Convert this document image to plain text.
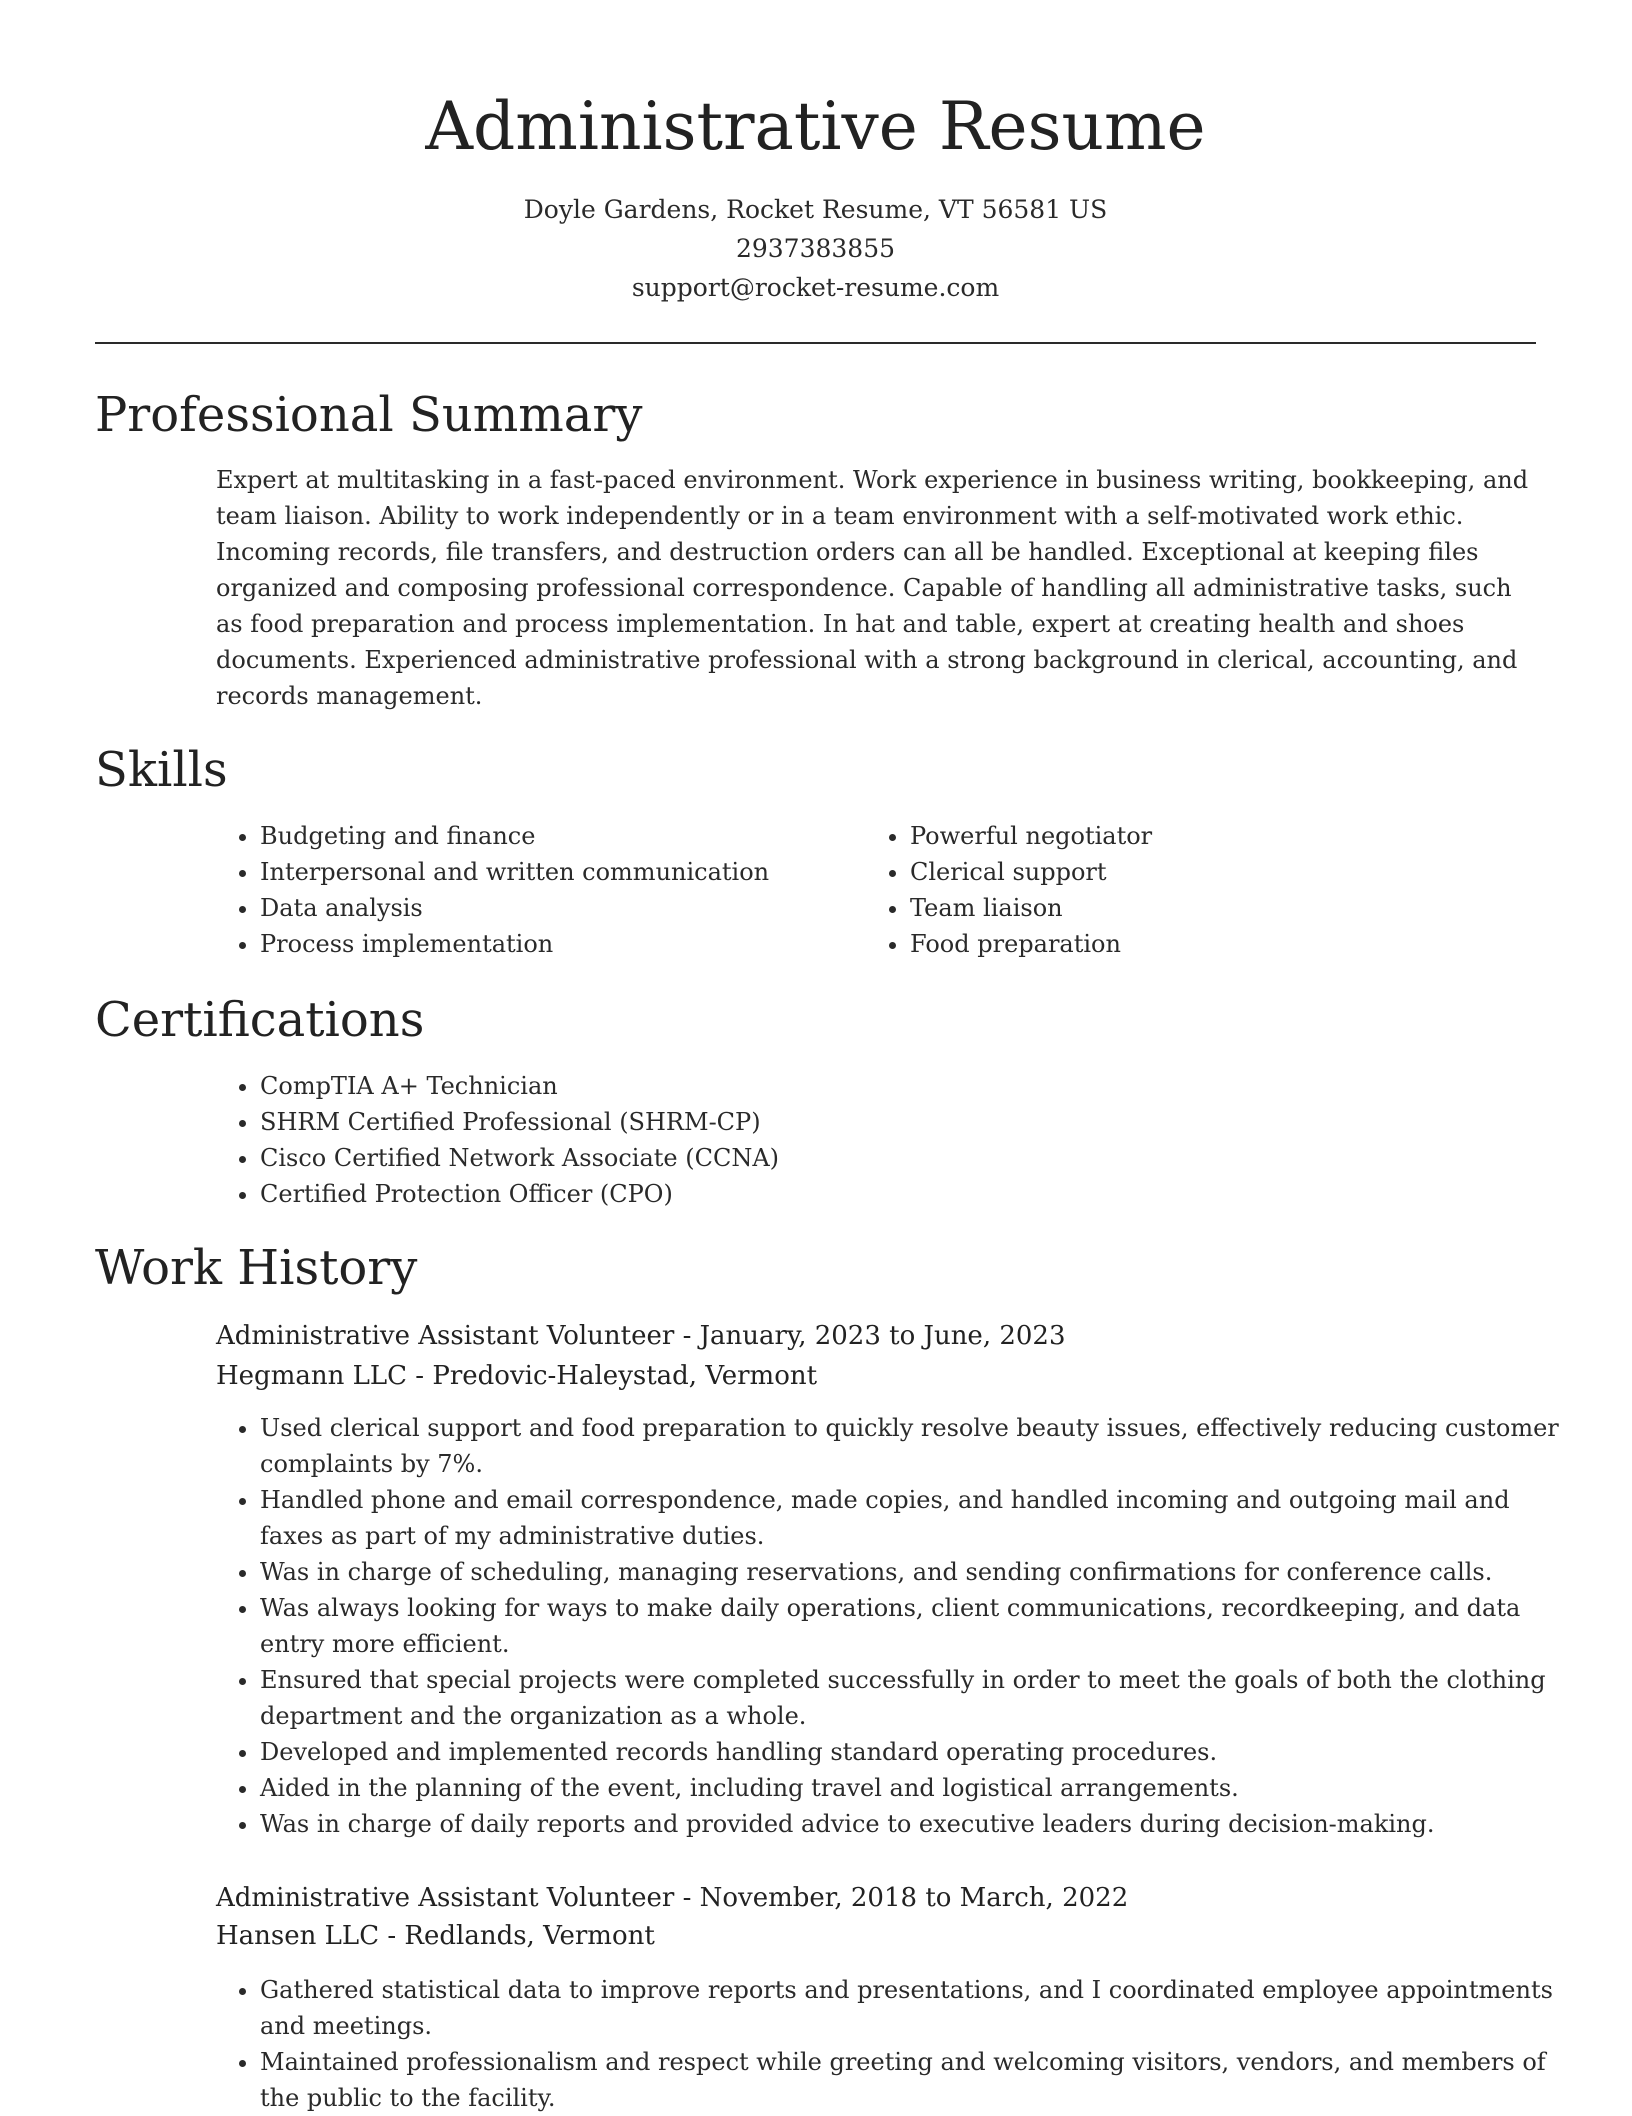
Administrative Resume
Doyle Gardens, Rocket Resume, VT 56581 US
2937383855
support@rocket-resume.com
Professional Summary

Expert at multitasking in a fast-paced environment. Work experience in business writing, bookkeeping, and team liaison. Ability to work independently or in a team environment with a self-motivated work ethic. Incoming records, file transfers, and destruction orders can all be handled. Exceptional at keeping files organized and composing professional correspondence. Capable of handling all administrative tasks, such as food preparation and process implementation. In hat and table, expert at creating health and shoes documents. Experienced administrative professional with a strong background in clerical, accounting, and records management.

Skills
• Budgeting and finance
• Interpersonal and written communication
• Data analysis
• Process implementation
• Powerful negotiator
• Clerical support
• Team liaison
• Food preparation
Certifications
• CompTIA A+ Technician
• SHRM Certified Professional (SHRM-CP)
• Cisco Certified Network Associate (CCNA)
• Certified Protection Officer (CPO)
Work History
Administrative Assistant Volunteer - January, 2023 to June, 2023
Hegmann LLC - Predovic-Haleystad, Vermont
• Used clerical support and food preparation to quickly resolve beauty issues, effectively reducing customer complaints by 7%.
• Handled phone and email correspondence, made copies, and handled incoming and outgoing mail and faxes as part of my administrative duties.
• Was in charge of scheduling, managing reservations, and sending confirmations for conference calls.
• Was always looking for ways to make daily operations, client communications, recordkeeping, and data entry more efficient.
• Ensured that special projects were completed successfully in order to meet the goals of both the clothing department and the organization as a whole.
• Developed and implemented records handling standard operating procedures.
• Aided in the planning of the event, including travel and logistical arrangements.
• Was in charge of daily reports and provided advice to executive leaders during decision-making.
Administrative Assistant Volunteer - November, 2018 to March, 2022
Hansen LLC - Redlands, Vermont
• Gathered statistical data to improve reports and presentations, and I coordinated employee appointments and meetings.
• Maintained professionalism and respect while greeting and welcoming visitors, vendors, and members of the public to the facility.
